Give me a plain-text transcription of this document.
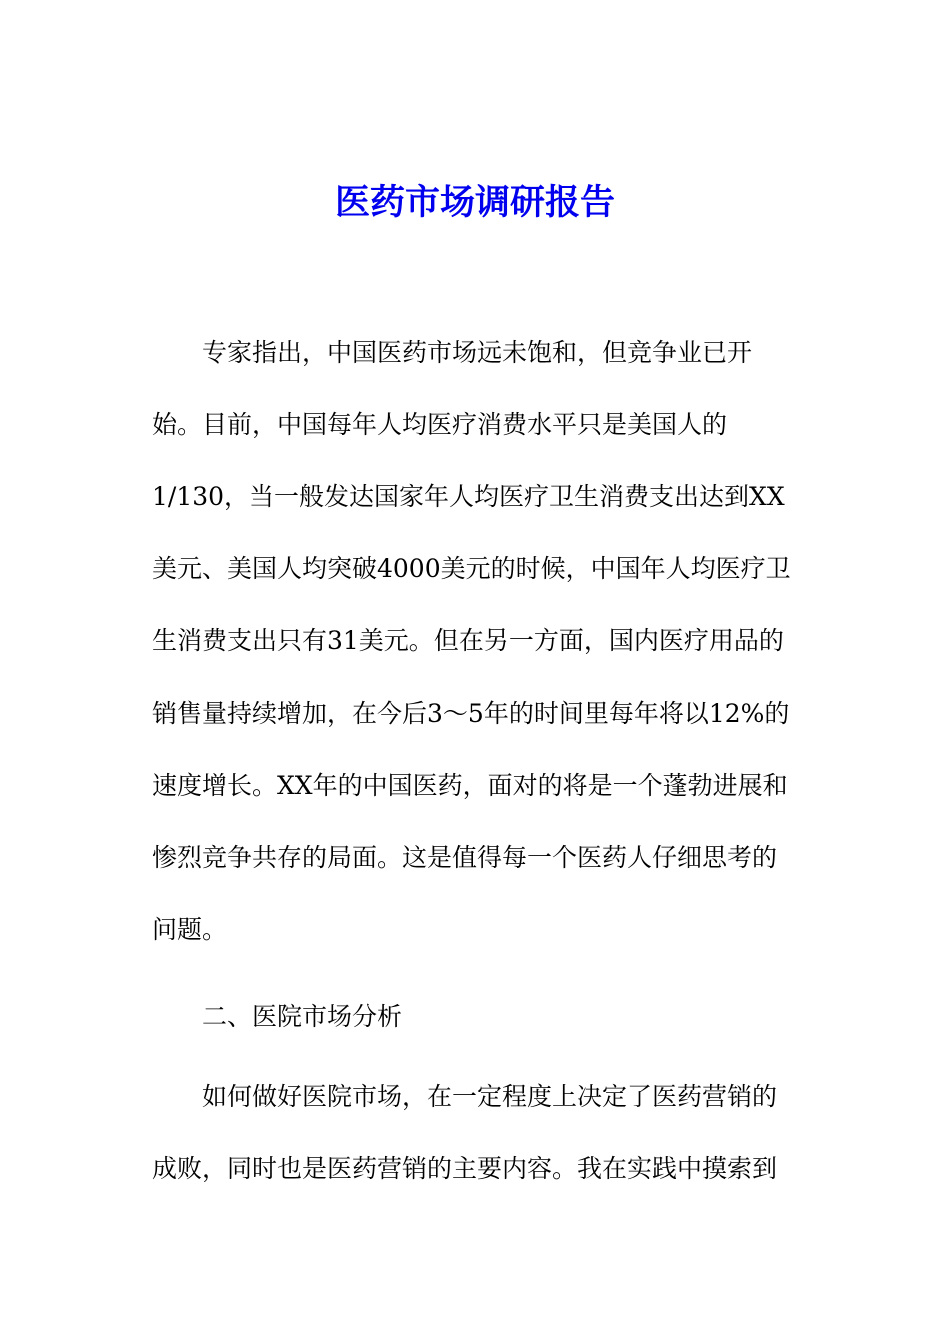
医药市场调研报告

专家指出，中国医药市场远未饱和，但竞争业已开

始。目前，中国每年人均医疗消费水平只是美国人的

1/130，当一般发达国家年人均医疗卫生消费支出达到XX

美元、美国人均突破4000美元的时候，中国年人均医疗卫

生消费支出只有31美元。但在另一方面，国内医疗用品的

销售量持续增加，在今后3～5年的时间里每年将以12%的

速度增长。XX年的中国医药，面对的将是一个蓬勃进展和

惨烈竞争共存的局面。这是值得每一个医药人仔细思考的

问题。

二、医院市场分析

如何做好医院市场，在一定程度上决定了医药营销的

成败，同时也是医药营销的主要内容。我在实践中摸索到
